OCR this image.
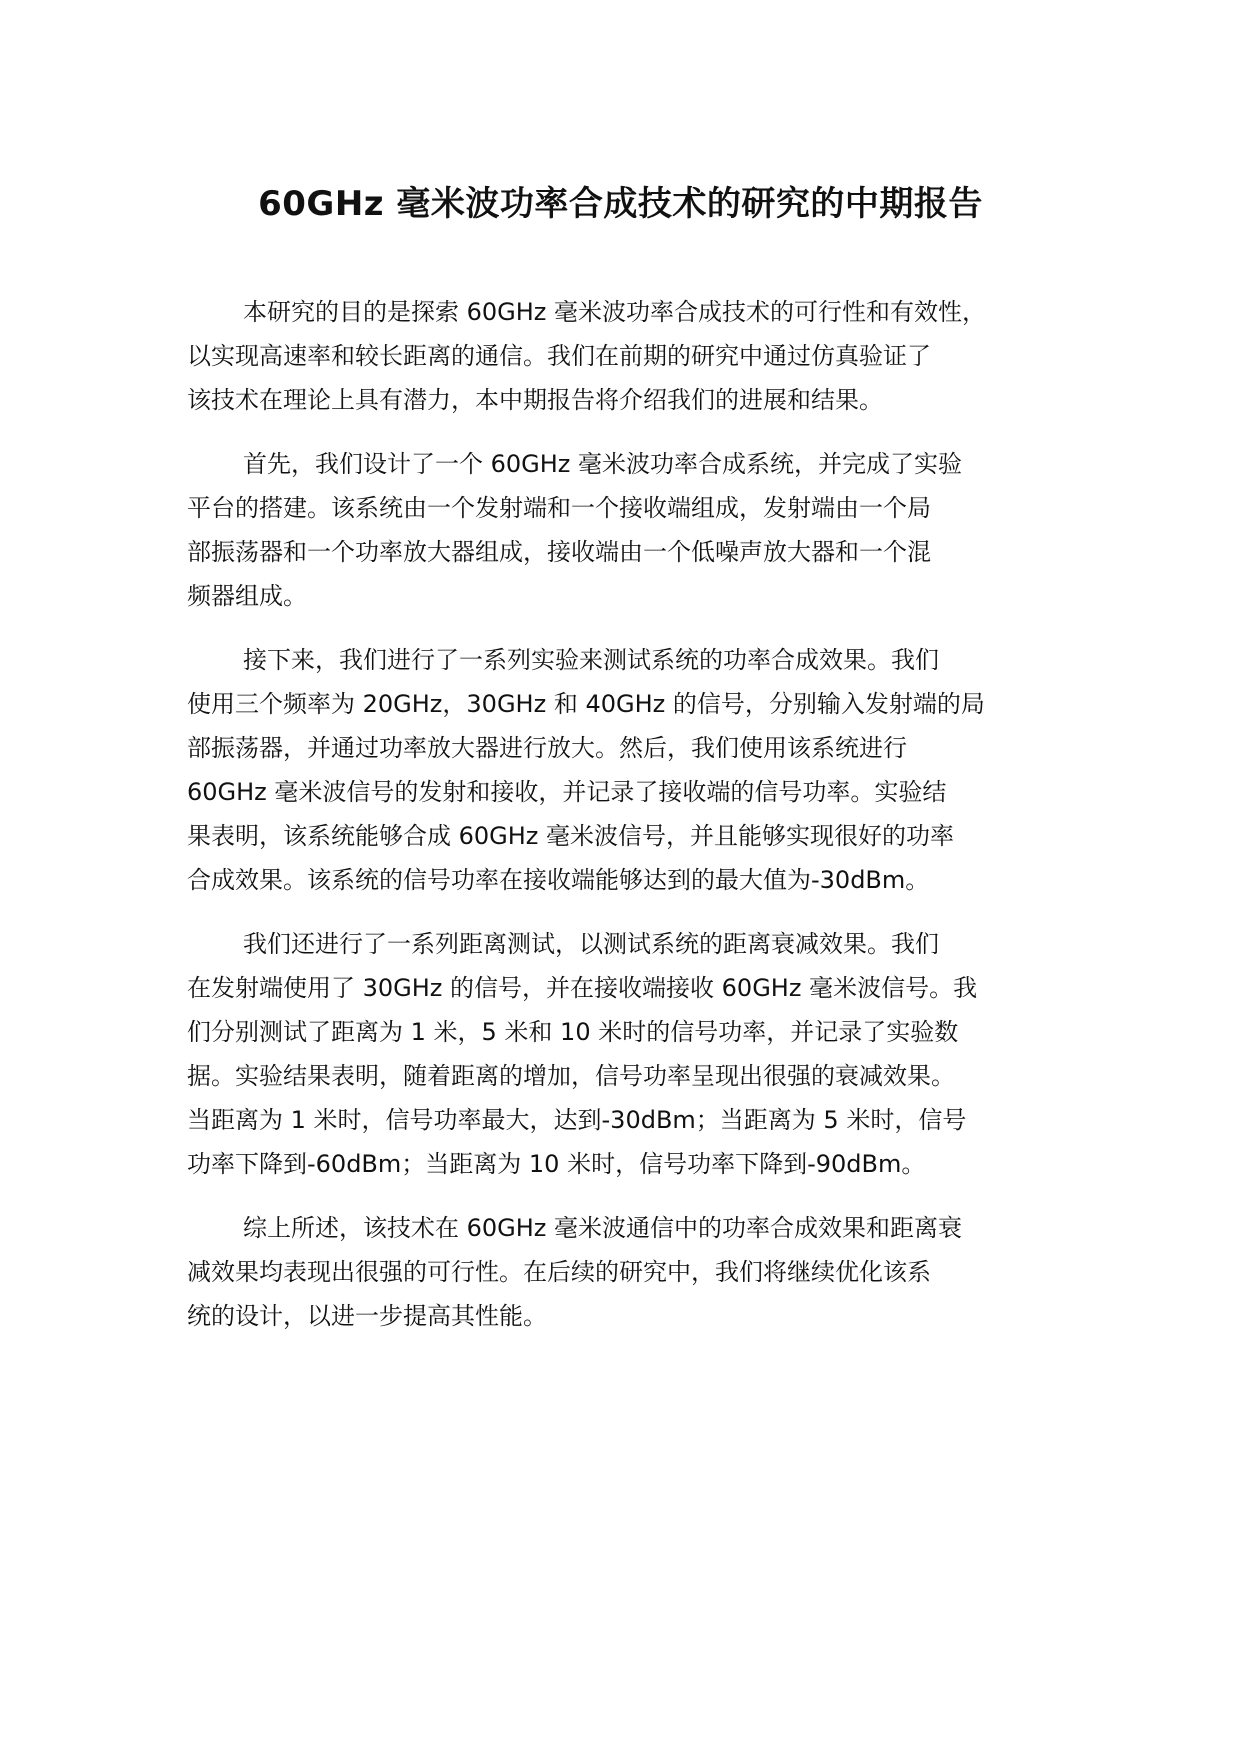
60GHz 毫米波功率合成技术的研究的中期报告

本研究的目的是探索 60GHz 毫米波功率合成技术的可行性和有效性，
以实现高速率和较长距离的通信。我们在前期的研究中通过仿真验证了
该技术在理论上具有潜力，本中期报告将介绍我们的进展和结果。

首先，我们设计了一个 60GHz 毫米波功率合成系统，并完成了实验
平台的搭建。该系统由一个发射端和一个接收端组成，发射端由一个局
部振荡器和一个功率放大器组成，接收端由一个低噪声放大器和一个混
频器组成。

接下来，我们进行了一系列实验来测试系统的功率合成效果。我们
使用三个频率为 20GHz，30GHz 和 40GHz 的信号，分别输入发射端的局
部振荡器，并通过功率放大器进行放大。然后，我们使用该系统进行
60GHz 毫米波信号的发射和接收，并记录了接收端的信号功率。实验结
果表明，该系统能够合成 60GHz 毫米波信号，并且能够实现很好的功率
合成效果。该系统的信号功率在接收端能够达到的最大值为-30dBm。

我们还进行了一系列距离测试，以测试系统的距离衰减效果。我们
在发射端使用了 30GHz 的信号，并在接收端接收 60GHz 毫米波信号。我
们分别测试了距离为 1 米，5 米和 10 米时的信号功率，并记录了实验数
据。实验结果表明，随着距离的增加，信号功率呈现出很强的衰减效果。
当距离为 1 米时，信号功率最大，达到-30dBm；当距离为 5 米时，信号
功率下降到-60dBm；当距离为 10 米时，信号功率下降到-90dBm。

综上所述，该技术在 60GHz 毫米波通信中的功率合成效果和距离衰
减效果均表现出很强的可行性。在后续的研究中，我们将继续优化该系
统的设计，以进一步提高其性能。
